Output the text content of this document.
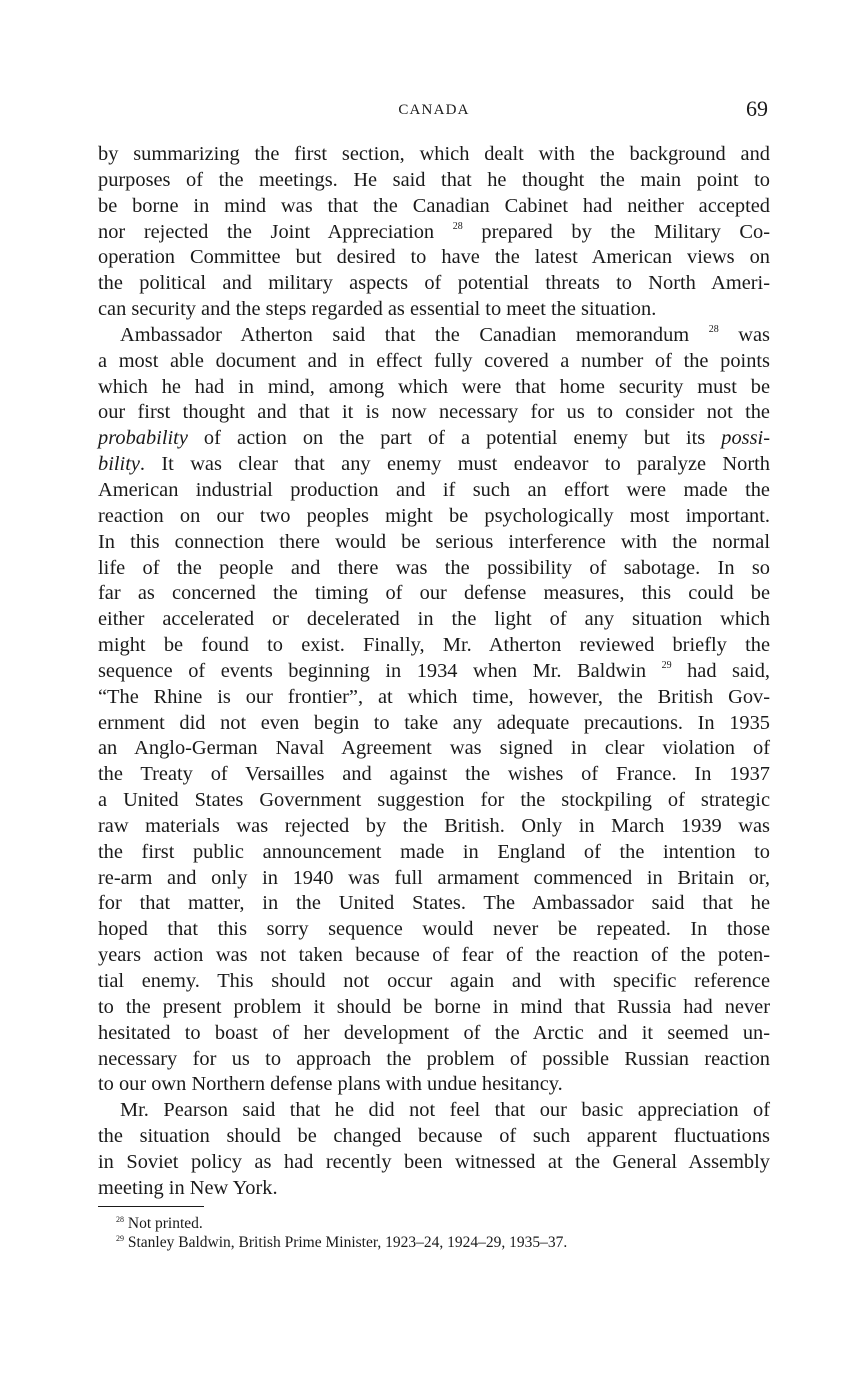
CANADA	69

by summarizing the first section, which dealt with the background and
purposes of the meetings. He said that he thought the main point to
be borne in mind was that the Canadian Cabinet had neither accepted
nor rejected the Joint Appreciation $^{28}$ prepared by the Military Co-
operation Committee but desired to have the latest American views on
the political and military aspects of potential threats to North Ameri-
can security and the steps regarded as essential to meet the situation.

Ambassador Atherton said that the Canadian memorandum $^{28}$ was
a most able document and in effect fully covered a number of the points
which he had in mind, among which were that home security must be
our first thought and that it is now necessary for us to consider not the
probability of action on the part of a potential enemy but its possi-
bility. It was clear that any enemy must endeavor to paralyze North
American industrial production and if such an effort were made the
reaction on our two peoples might be psychologically most important.
In this connection there would be serious interference with the normal
life of the people and there was the possibility of sabotage. In so
far as concerned the timing of our defense measures, this could be
either accelerated or decelerated in the light of any situation which
might be found to exist. Finally, Mr. Atherton reviewed briefly the
sequence of events beginning in 1934 when Mr. Baldwin $^{29}$ had said,
“The Rhine is our frontier”, at which time, however, the British Gov-
ernment did not even begin to take any adequate precautions. In 1935
an Anglo-German Naval Agreement was signed in clear violation of
the Treaty of Versailles and against the wishes of France. In 1937
a United States Government suggestion for the stockpiling of strategic
raw materials was rejected by the British. Only in March 1939 was
the first public announcement made in England of the intention to
re-arm and only in 1940 was full armament commenced in Britain or,
for that matter, in the United States. The Ambassador said that he
hoped that this sorry sequence would never be repeated. In those
years action was not taken because of fear of the reaction of the poten-
tial enemy. This should not occur again and with specific reference
to the present problem it should be borne in mind that Russia had never
hesitated to boast of her development of the Arctic and it seemed un-
necessary for us to approach the problem of possible Russian reaction
to our own Northern defense plans with undue hesitancy.

Mr. Pearson said that he did not feel that our basic appreciation of
the situation should be changed because of such apparent fluctuations
in Soviet policy as had recently been witnessed at the General Assembly
meeting in New York.

$^{28}$ Not printed.
$^{29}$ Stanley Baldwin, British Prime Minister, 1923–24, 1924–29, 1935–37.
